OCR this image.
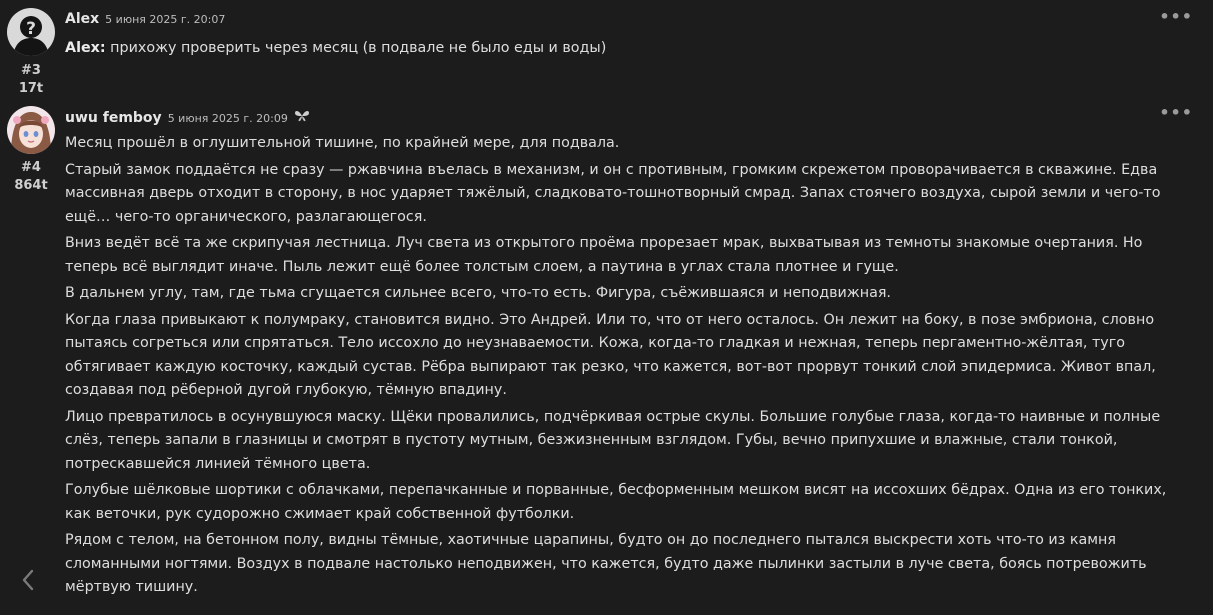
?
#3
17t
Alex 5 июня 2025 г. 20:07	•••

Alex: прихожу проверить через месяц (в подвале не было еды и воды)

#4
864t
uwu femboy 5 июня 2025 г. 20:09	•••

Месяц прошёл в оглушительной тишине, по крайней мере, для подвала.

Старый замок поддаётся не сразу — ржавчина въелась в механизм, и он с противным, громким скрежетом проворачивается в скважине. Едва массивная дверь отходит в сторону, в нос ударяет тяжёлый, сладковато-тошнотворный смрад. Запах стоячего воздуха, сырой земли и чего-то ещё… чего-то органического, разлагающегося.

Вниз ведёт всё та же скрипучая лестница. Луч света из открытого проёма прорезает мрак, выхватывая из темноты знакомые очертания. Но теперь всё выглядит иначе. Пыль лежит ещё более толстым слоем, а паутина в углах стала плотнее и гуще.

В дальнем углу, там, где тьма сгущается сильнее всего, что-то есть. Фигура, съёжившаяся и неподвижная.

Когда глаза привыкают к полумраку, становится видно. Это Андрей. Или то, что от него осталось. Он лежит на боку, в позе эмбриона, словно пытаясь согреться или спрятаться. Тело иссохло до неузнаваемости. Кожа, когда-то гладкая и нежная, теперь пергаментно-жёлтая, туго обтягивает каждую косточку, каждый сустав. Рёбра выпирают так резко, что кажется, вот-вот прорвут тонкий слой эпидермиса. Живот впал, создавая под рёберной дугой глубокую, тёмную впадину.

Лицо превратилось в осунувшуюся маску. Щёки провалились, подчёркивая острые скулы. Большие голубые глаза, когда-то наивные и полные слёз, теперь запали в глазницы и смотрят в пустоту мутным, безжизненным взглядом. Губы, вечно припухшие и влажные, стали тонкой, потрескавшейся линией тёмного цвета.

Голубые шёлковые шортики с облачками, перепачканные и порванные, бесформенным мешком висят на иссохших бёдрах. Одна из его тонких, как веточки, рук судорожно сжимает край собственной футболки.

Рядом с телом, на бетонном полу, видны тёмные, хаотичные царапины, будто он до последнего пытался выскрести хоть что-то из камня сломанными ногтями. Воздух в подвале настолько неподвижен, что кажется, будто даже пылинки застыли в луче света, боясь потревожить мёртвую тишину.
